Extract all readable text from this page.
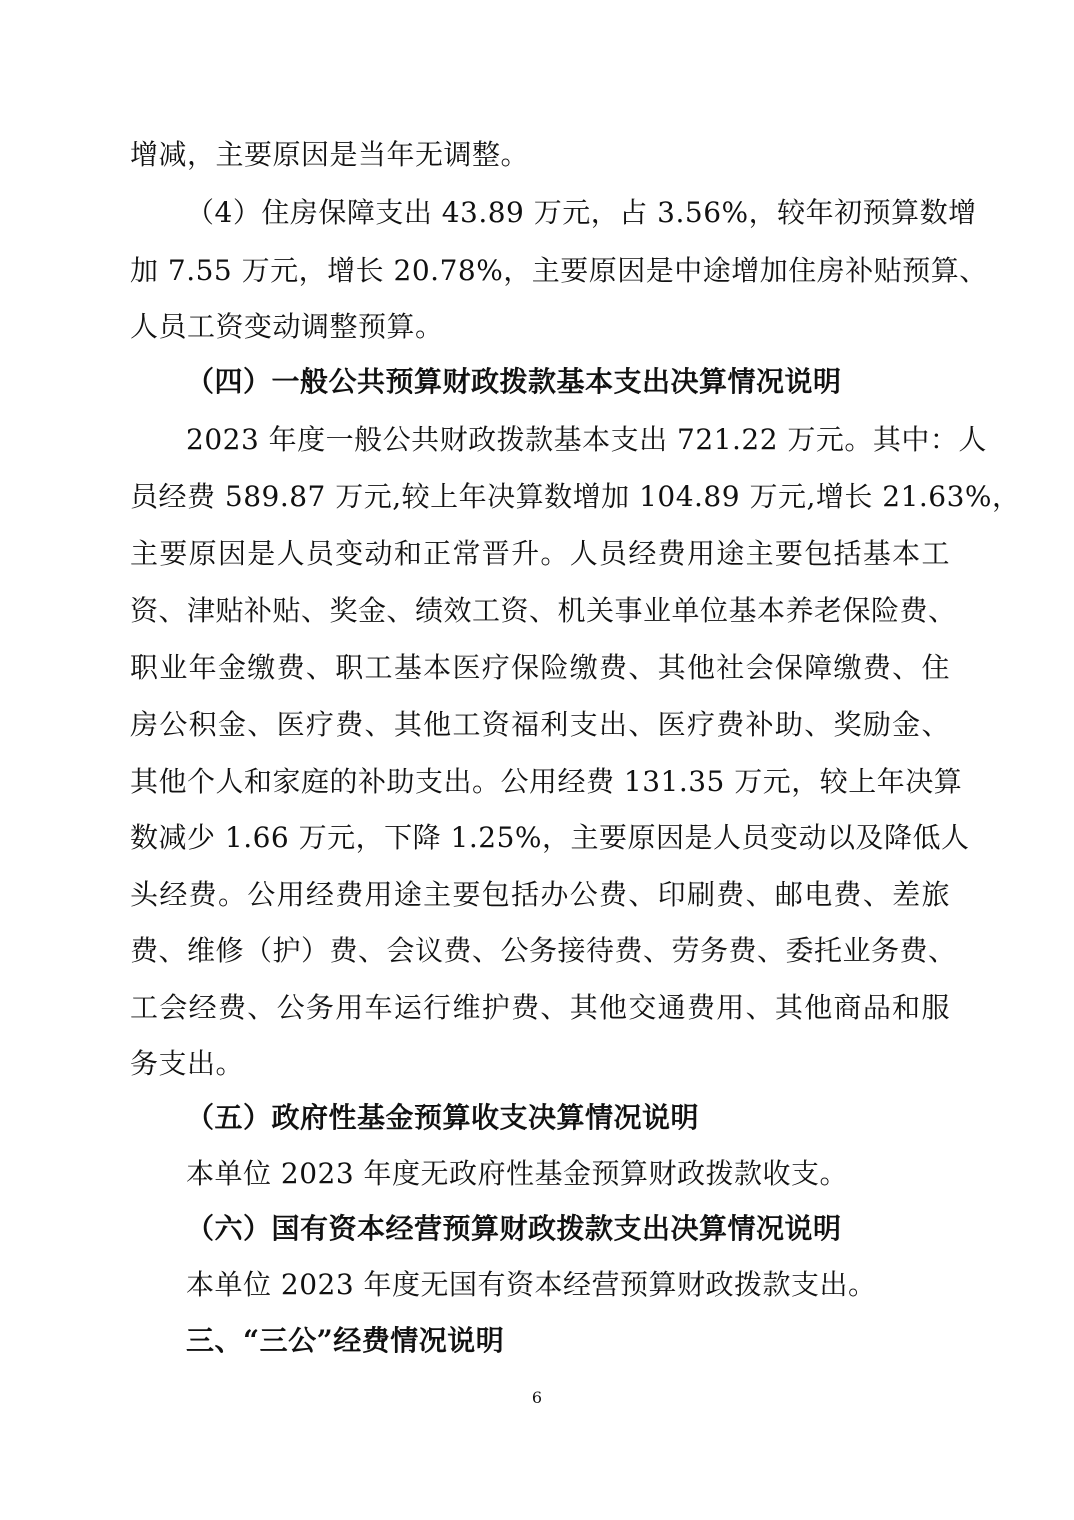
增减，主要原因是当年无调整。
（4）住房保障支出 43.89 万元，占 3.56%，较年初预算数增
加 7.55 万元，增长 20.78%，主要原因是中途增加住房补贴预算、
人员工资变动调整预算。
（四）一般公共预算财政拨款基本支出决算情况说明
2023 年度一般公共财政拨款基本支出 721.22 万元。其中：人
员经费 589.87 万元,较上年决算数增加 104.89 万元,增长 21.63%，
主要原因是人员变动和正常晋升。人员经费用途主要包括基本工
资、津贴补贴、奖金、绩效工资、机关事业单位基本养老保险费、
职业年金缴费、职工基本医疗保险缴费、其他社会保障缴费、住
房公积金、医疗费、其他工资福利支出、医疗费补助、奖励金、
其他个人和家庭的补助支出。公用经费 131.35 万元，较上年决算
数减少 1.66 万元，下降 1.25%，主要原因是人员变动以及降低人
头经费。公用经费用途主要包括办公费、印刷费、邮电费、差旅
费、维修（护）费、会议费、公务接待费、劳务费、委托业务费、
工会经费、公务用车运行维护费、其他交通费用、其他商品和服
务支出。
（五）政府性基金预算收支决算情况说明
本单位 2023 年度无政府性基金预算财政拨款收支。
（六）国有资本经营预算财政拨款支出决算情况说明
本单位 2023 年度无国有资本经营预算财政拨款支出。
三、“三公”经费情况说明
6
